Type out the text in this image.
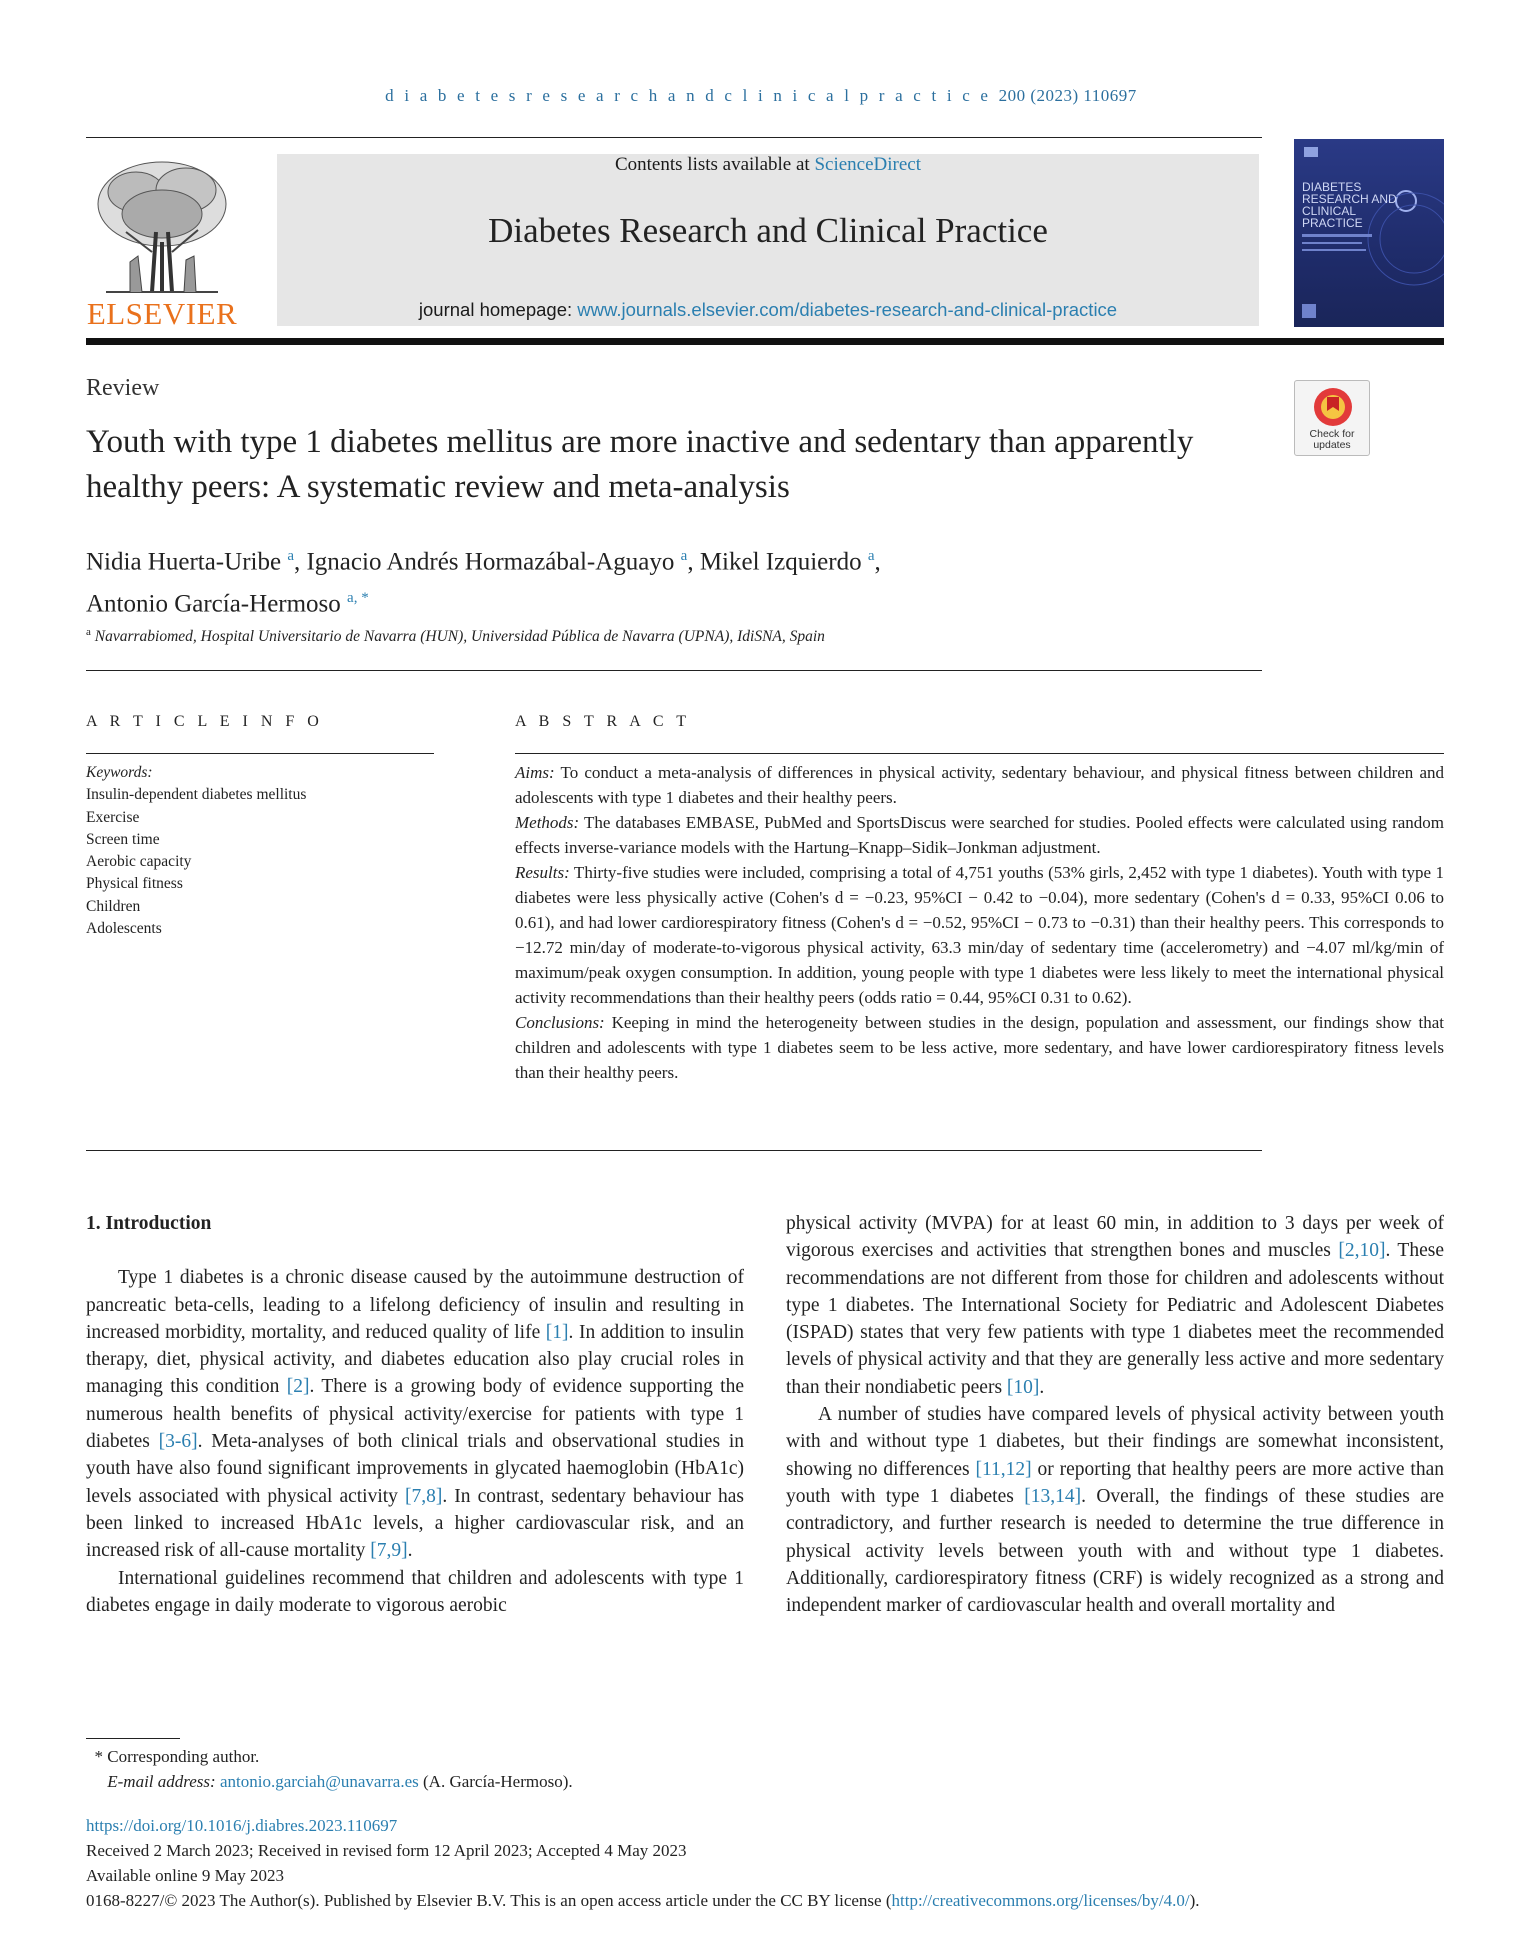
d i a b e t e s r e s e a r c h a n d c l i n i c a l p r a c t i c e 200 (2023) 110697
ELSEVIER
Contents lists available at ScienceDirect
Diabetes Research and Clinical Practice
journal homepage: www.journals.elsevier.com/diabetes-research-and-clinical-practice
DIABETES RESEARCH AND CLINICAL PRACTICE
Review
Youth with type 1 diabetes mellitus are more inactive and sedentary than apparently healthy peers: A systematic review and meta-analysis
Check for updates
Nidia Huerta-Uribe $^a$, Ignacio Andrés Hormazábal-Aguayo $^a$, Mikel Izquierdo $^a$,
Antonio García-Hermoso $^{a, *}$
$^a$ Navarrabiomed, Hospital Universitario de Navarra (HUN), Universidad Pública de Navarra (UPNA), IdiSNA, Spain
A R T I C L E I N F O	A B S T R A C T
Keywords:
Insulin-dependent diabetes mellitus
Exercise
Screen time
Aerobic capacity
Physical fitness
Children
Adolescents

Aims: To conduct a meta-analysis of differences in physical activity, sedentary behaviour, and physical fitness between children and adolescents with type 1 diabetes and their healthy peers.

Methods: The databases EMBASE, PubMed and SportsDiscus were searched for studies. Pooled effects were calculated using random effects inverse-variance models with the Hartung–Knapp–Sidik–Jonkman adjustment.

Results: Thirty-five studies were included, comprising a total of 4,751 youths (53% girls, 2,452 with type 1 diabetes). Youth with type 1 diabetes were less physically active (Cohen's d = −0.23, 95%CI − 0.42 to −0.04), more sedentary (Cohen's d = 0.33, 95%CI 0.06 to 0.61), and had lower cardiorespiratory fitness (Cohen's d = −0.52, 95%CI − 0.73 to −0.31) than their healthy peers. This corresponds to −12.72 min/day of moderate-to-vigorous physical activity, 63.3 min/day of sedentary time (accelerometry) and −4.07 ml/kg/min of maximum/peak oxygen consumption. In addition, young people with type 1 diabetes were less likely to meet the international physical activity recommendations than their healthy peers (odds ratio = 0.44, 95%CI 0.31 to 0.62).

Conclusions: Keeping in mind the heterogeneity between studies in the design, population and assessment, our findings show that children and adolescents with type 1 diabetes seem to be less active, more sedentary, and have lower cardiorespiratory fitness levels than their healthy peers.

1. Introduction

Type 1 diabetes is a chronic disease caused by the autoimmune destruction of pancreatic beta-cells, leading to a lifelong deficiency of insulin and resulting in increased morbidity, mortality, and reduced quality of life [1]. In addition to insulin therapy, diet, physical activity, and diabetes education also play crucial roles in managing this condition [2]. There is a growing body of evidence supporting the numerous health benefits of physical activity/exercise for patients with type 1 diabetes [3-6]. Meta-analyses of both clinical trials and observational studies in youth have also found significant improvements in glycated haemoglobin (HbA1c) levels associated with physical activity [7,8]. In contrast, sedentary behaviour has been linked to increased HbA1c levels, a higher cardiovascular risk, and an increased risk of all-cause mortality [7,9].

International guidelines recommend that children and adolescents with type 1 diabetes engage in daily moderate to vigorous aerobic

physical activity (MVPA) for at least 60 min, in addition to 3 days per week of vigorous exercises and activities that strengthen bones and muscles [2,10]. These recommendations are not different from those for children and adolescents without type 1 diabetes. The International Society for Pediatric and Adolescent Diabetes (ISPAD) states that very few patients with type 1 diabetes meet the recommended levels of physical activity and that they are generally less active and more sedentary than their nondiabetic peers [10].

A number of studies have compared levels of physical activity between youth with and without type 1 diabetes, but their findings are somewhat inconsistent, showing no differences [11,12] or reporting that healthy peers are more active than youth with type 1 diabetes [13,14]. Overall, the findings of these studies are contradictory, and further research is needed to determine the true difference in physical activity levels between youth with and without type 1 diabetes. Additionally, cardiorespiratory fitness (CRF) is widely recognized as a strong and independent marker of cardiovascular health and overall mortality and

* Corresponding author.
E-mail address: antonio.garciah@unavarra.es (A. García-Hermoso).
https://doi.org/10.1016/j.diabres.2023.110697
Received 2 March 2023; Received in revised form 12 April 2023; Accepted 4 May 2023
Available online 9 May 2023
0168-8227/© 2023 The Author(s). Published by Elsevier B.V. This is an open access article under the CC BY license (http://creativecommons.org/licenses/by/4.0/).
